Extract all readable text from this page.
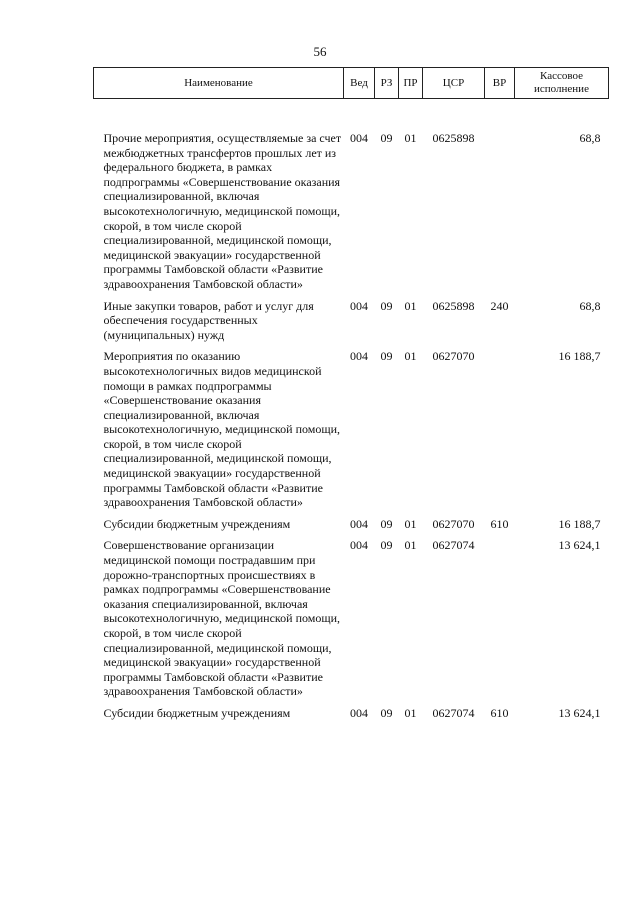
56
Наименование	Вед	РЗ	ПР	ЦСР	ВР	Кассовое исполнение
Прочие мероприятия, осуществляемые за счет межбюджетных трансфертов прошлых лет из федерального бюджета, в рамках подпрограммы «Совершенствование оказания специализированной, включая высокотехнологичную, медицинской помощи, скорой, в том числе скорой специализированной, медицинской помощи, медицинской эвакуации» государственной программы Тамбовской области «Развитие здравоохранения Тамбовской области»	004	09	01	0625898		68,8
Иные закупки товаров, работ и услуг для обеспечения государственных (муниципальных) нужд	004	09	01	0625898	240	68,8
Мероприятия по оказанию высокотехнологичных видов медицинской помощи в рамках подпрограммы «Совершенствование оказания специализированной, включая высокотехнологичную, медицинской помощи, скорой, в том числе скорой специализированной, медицинской помощи, медицинской эвакуации» государственной программы Тамбовской области «Развитие здравоохранения Тамбовской области»	004	09	01	0627070		16 188,7
Субсидии бюджетным учреждениям	004	09	01	0627070	610	16 188,7
Совершенствование организации медицинской помощи пострадавшим при дорожно-транспортных происшествиях в рамках подпрограммы «Совершенствование оказания специализированной, включая высокотехнологичную, медицинской помощи, скорой, в том числе скорой специализированной, медицинской помощи, медицинской эвакуации» государственной программы Тамбовской области «Развитие здравоохранения Тамбовской области»	004	09	01	0627074		13 624,1
Субсидии бюджетным учреждениям	004	09	01	0627074	610	13 624,1
